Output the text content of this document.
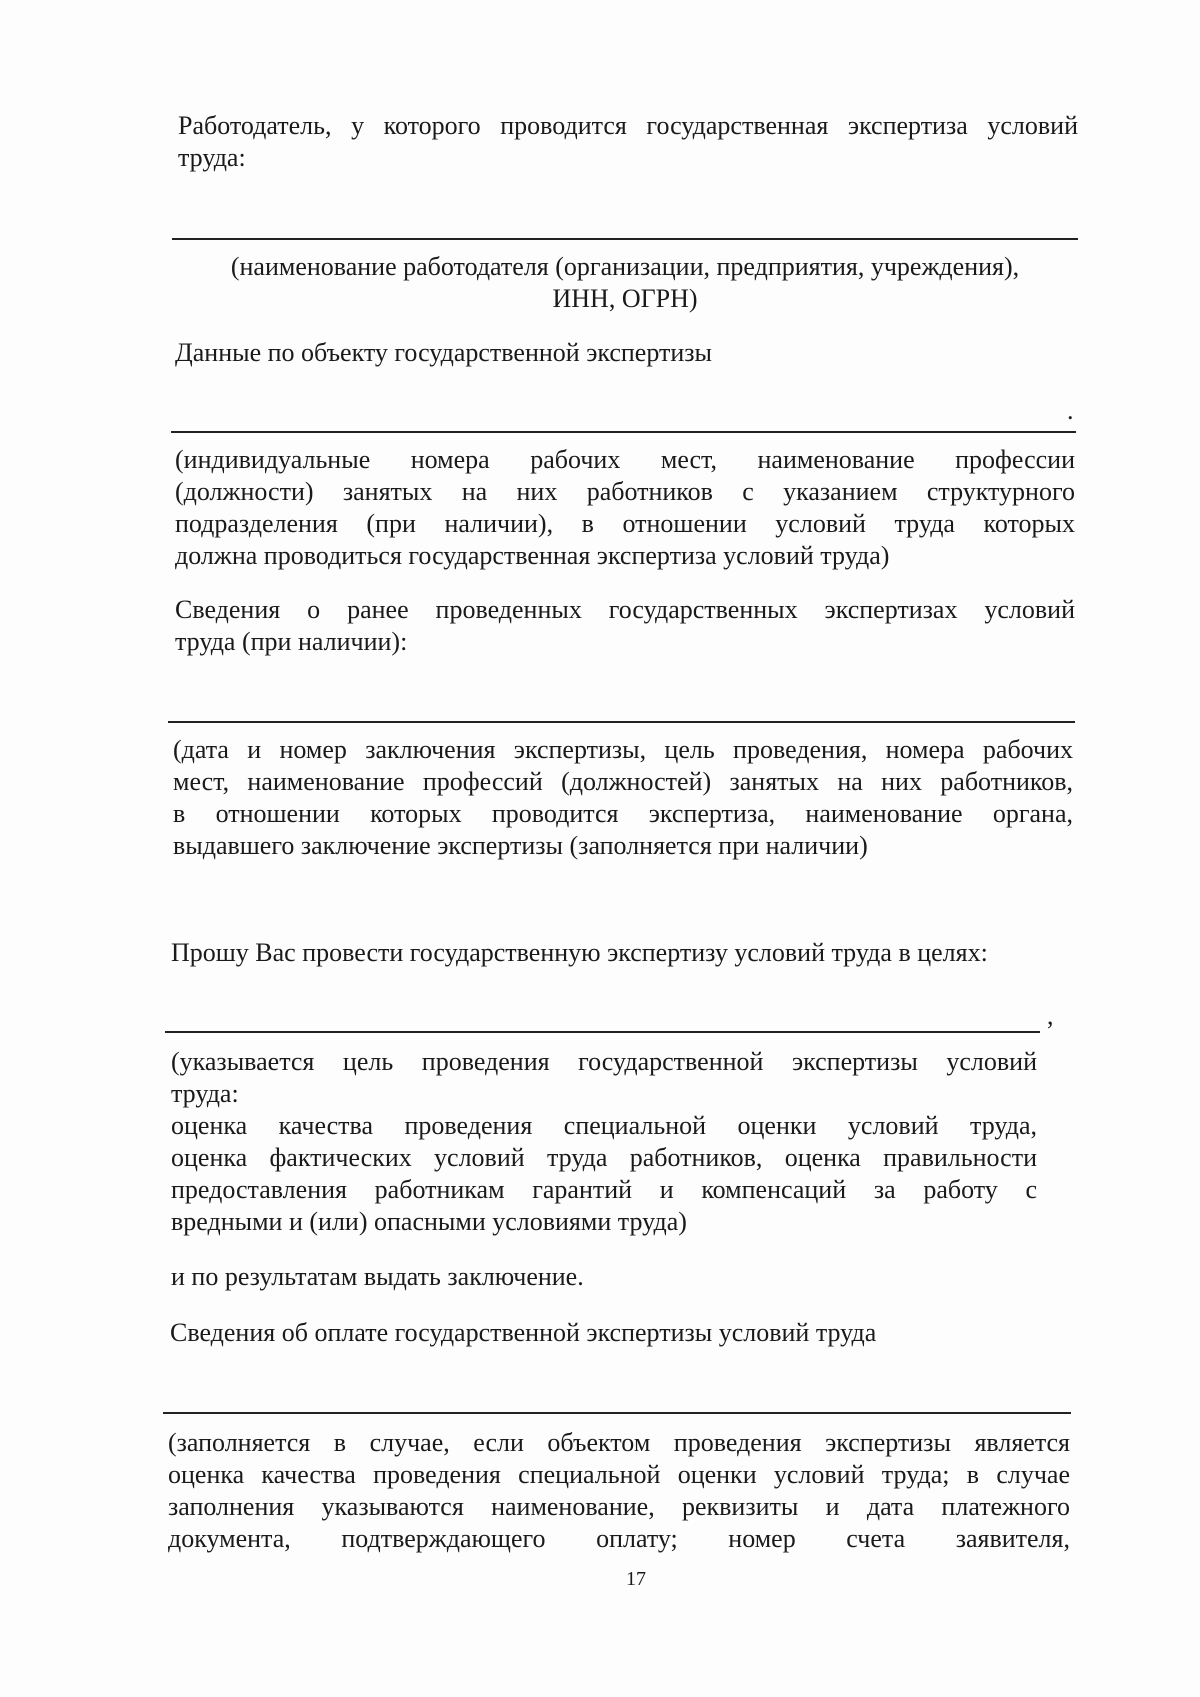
Работодатель, у которого проводится государственная экспертиза условий
труда:
(наименование работодателя (организации, предприятия, учреждения),
ИНН, ОГРН)
Данные по объекту государственной экспертизы
.
(индивидуальные номера рабочих мест, наименование профессии
(должности) занятых на них работников с указанием структурного
подразделения (при наличии), в отношении условий труда которых
должна проводиться государственная экспертиза условий труда)
Сведения о ранее проведенных государственных экспертизах условий
труда (при наличии):
(дата и номер заключения экспертизы, цель проведения, номера рабочих
мест, наименование профессий (должностей) занятых на них работников,
в отношении которых проводится экспертиза, наименование органа,
выдавшего заключение экспертизы (заполняется при наличии)
Прошу Вас провести государственную экспертизу условий труда в целях:
,
(указывается цель проведения государственной экспертизы условий
труда:
оценка качества проведения специальной оценки условий труда,
оценка фактических условий труда работников, оценка правильности
предоставления работникам гарантий и компенсаций за работу с
вредными и (или) опасными условиями труда)
и по результатам выдать заключение.
Сведения об оплате государственной экспертизы условий труда
(заполняется в случае, если объектом проведения экспертизы является
оценка качества проведения специальной оценки условий труда; в случае
заполнения указываются наименование, реквизиты и дата платежного
документа, подтверждающего оплату; номер счета заявителя,
17
